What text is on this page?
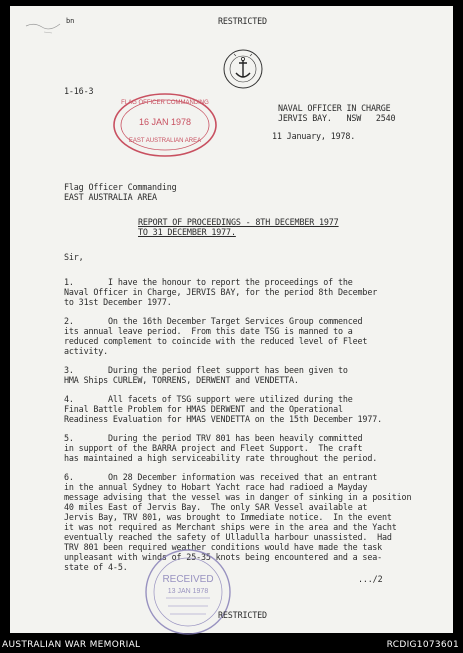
bn	RESTRICTED
1-16-3
NAVAL OFFICER IN CHARGE
JERVIS BAY.   NSW   2540
11 January, 1978.
FLAG OFFICER COMMANDING
16 JAN 1978
EAST AUSTRALIAN AREA
Flag Officer Commanding
EAST AUSTRALIA AREA
REPORT OF PROCEEDINGS - 8TH DECEMBER 1977
TO 31 DECEMBER 1977.
Sir,
1.       I have the honour to report the proceedings of the
Naval Officer in Charge, JERVIS BAY, for the period 8th December
to 31st December 1977.
2.       On the 16th December Target Services Group commenced
its annual leave period.  From this date TSG is manned to a
reduced complement to coincide with the reduced level of Fleet
activity.
3.       During the period fleet support has been given to
HMA Ships CURLEW, TORRENS, DERWENT and VENDETTA.
4.       All facets of TSG support were utilized during the
Final Battle Problem for HMAS DERWENT and the Operational
Readiness Evaluation for HMAS VENDETTA on the 15th December 1977.
5.       During the period TRV 801 has been heavily committed
in support of the BARRA project and Fleet Support.  The craft
has maintained a high serviceability rate throughout the period.
6.       On 28 December information was received that an entrant
in the annual Sydney to Hobart Yacht race had radioed a Mayday
message advising that the vessel was in danger of sinking in a position
40 miles East of Jervis Bay.  The only SAR Vessel available at
Jervis Bay, TRV 801, was brought to Immediate notice.  In the event
it was not required as Merchant ships were in the area and the Yacht
eventually reached the safety of Ulladulla harbour unassisted.  Had
TRV 801 been required weather conditions would have made the task
unpleasant with winds of 25-35 knots being encountered and a sea-
state of 4-5.
.../2
RECEIVED
13 JAN 1978
RESTRICTED
AUSTRALIAN WAR MEMORIAL	RCDIG1073601
